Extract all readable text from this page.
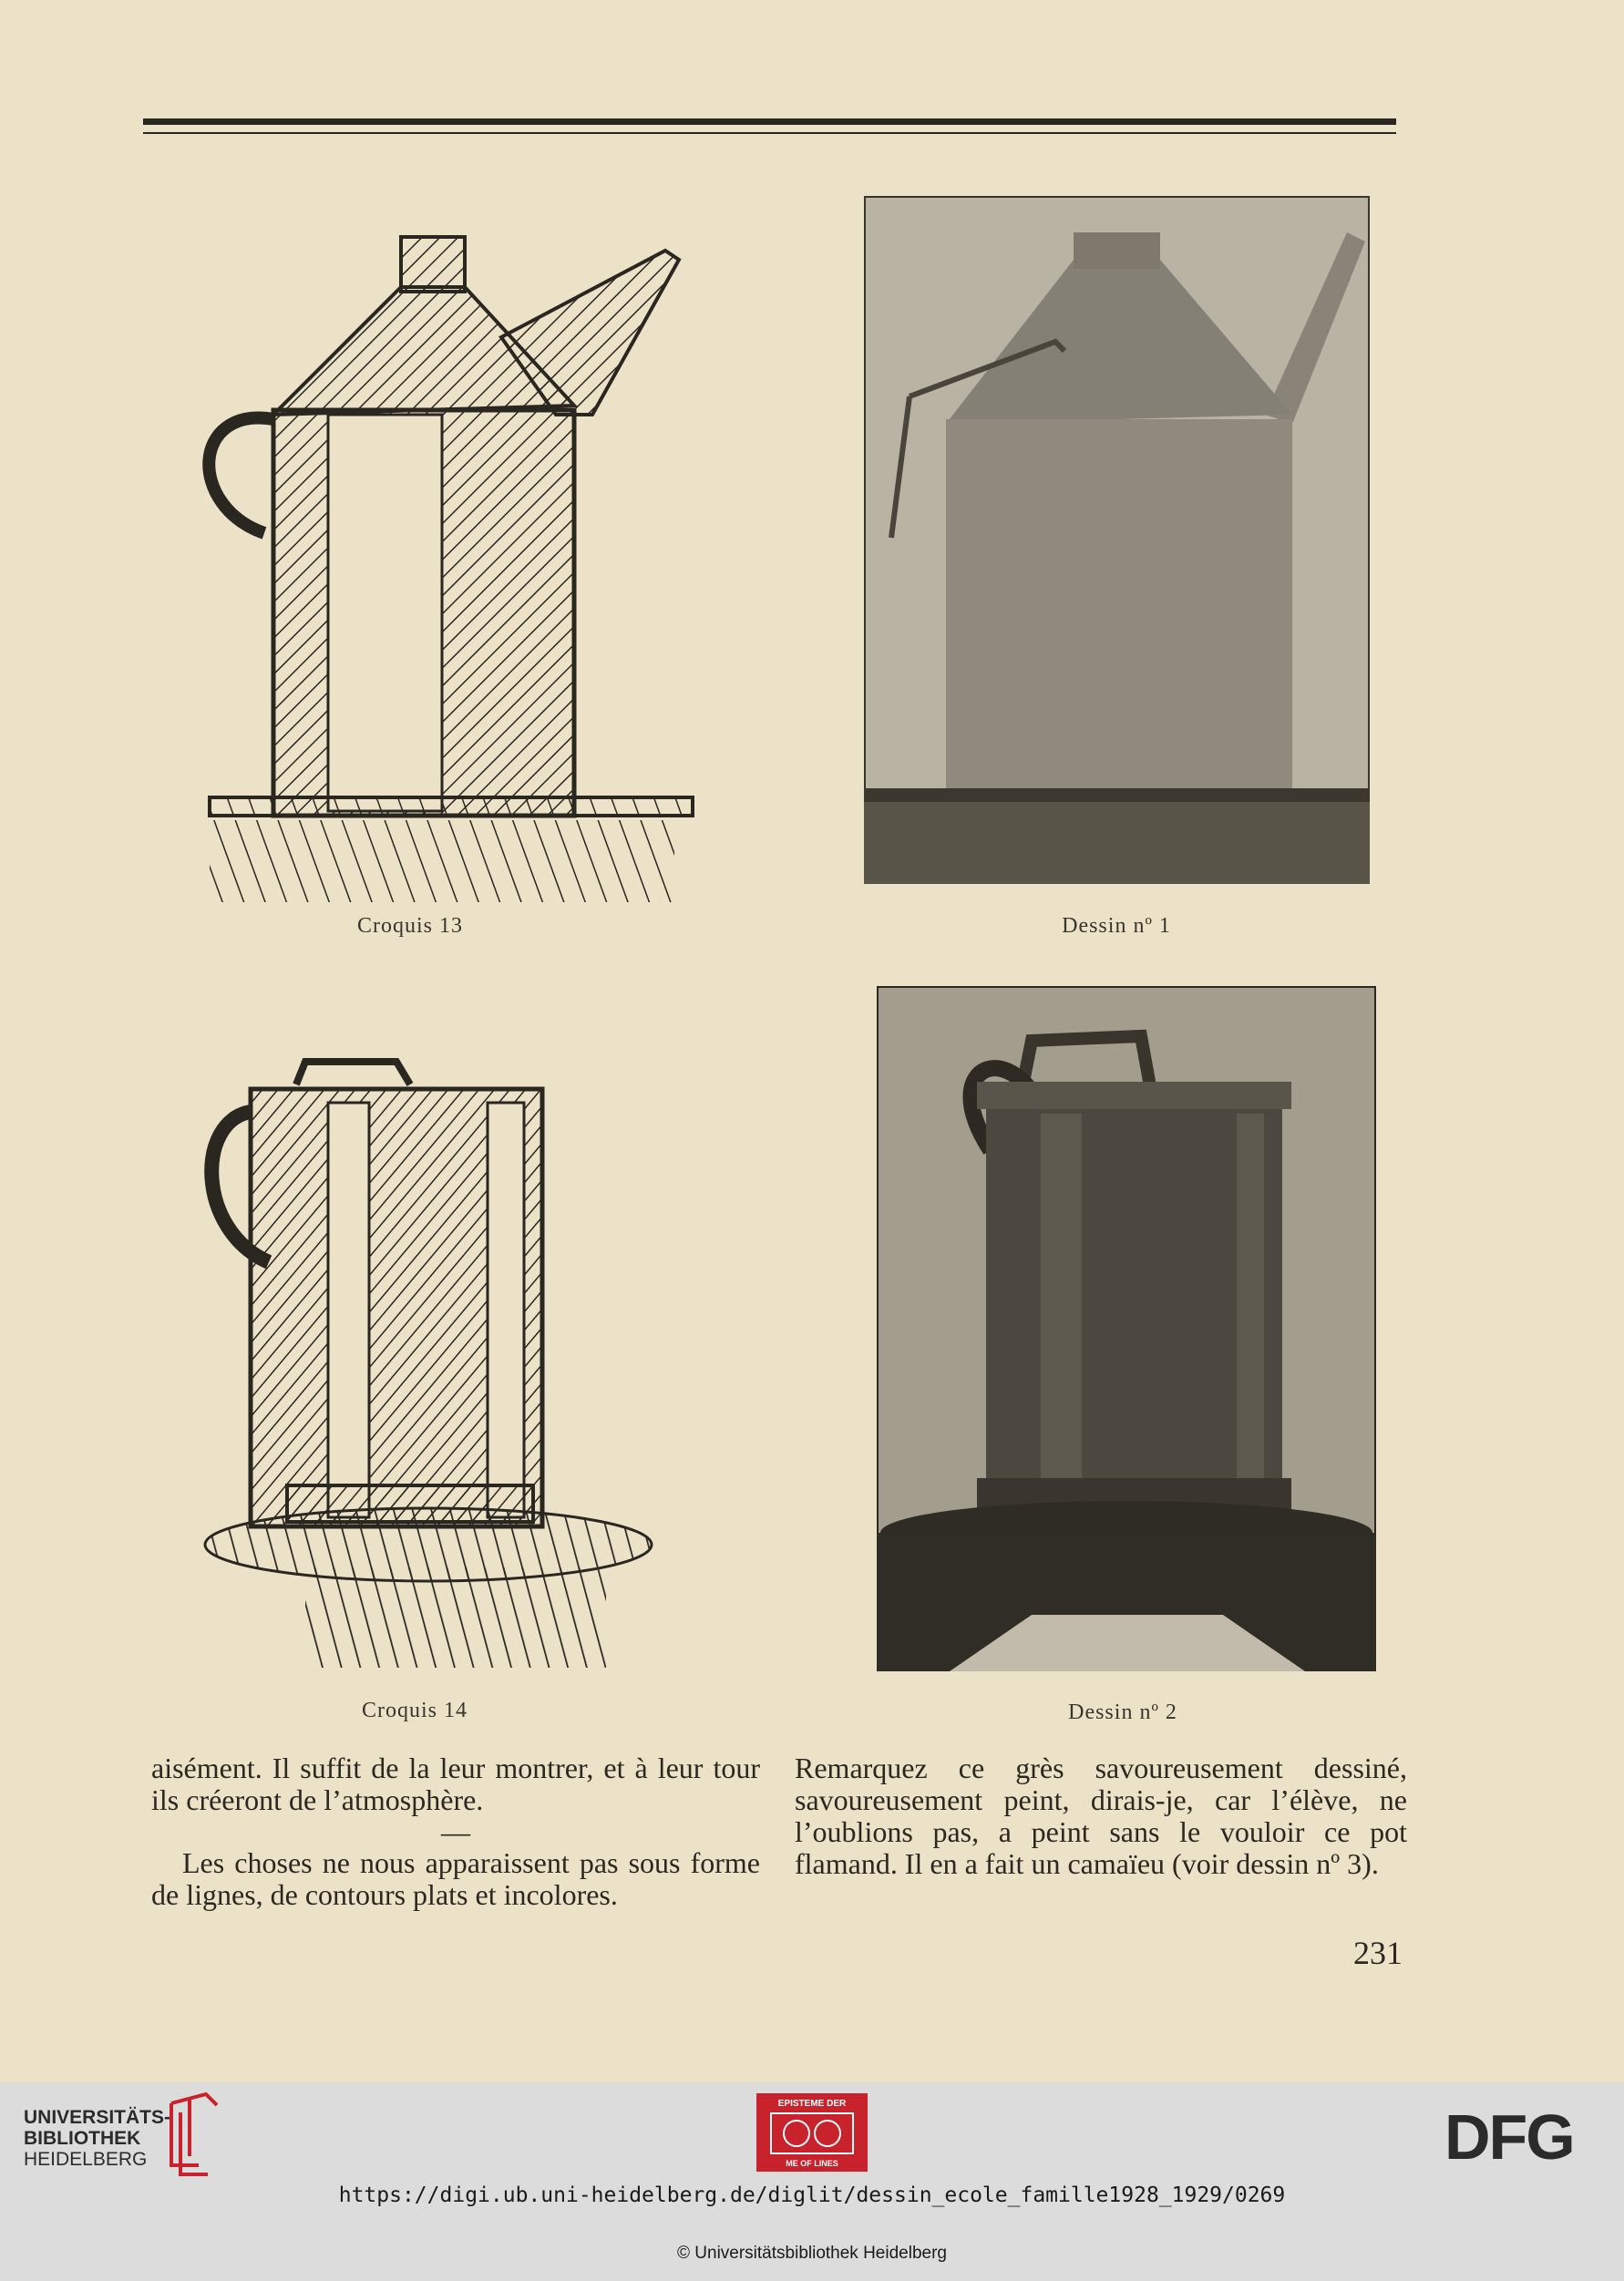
Croquis 13	Dessin nº 1
Croquis 14	Dessin nº 2

aisément. Il suffit de la leur montrer, et à leur tour ils créeront de l’atmosphère.

—

Les choses ne nous apparaissent pas sous forme de lignes, de contours plats et incolores.

Remarquez ce grès savoureusement dessiné, savoureusement peint, dirais-je, car l’élève, ne l’oublions pas, a peint sans le vouloir ce pot flamand. Il en a fait un camaïeu (voir dessin nº 3).

231
UNIVERSITÄTS-
BIBLIOTHEK
HEIDELBERG
EPISTEME DER
ME OF LINES	DFG
https://digi.ub.uni-heidelberg.de/diglit/dessin_ecole_famille1928_1929/0269
© Universitätsbibliothek Heidelberg
